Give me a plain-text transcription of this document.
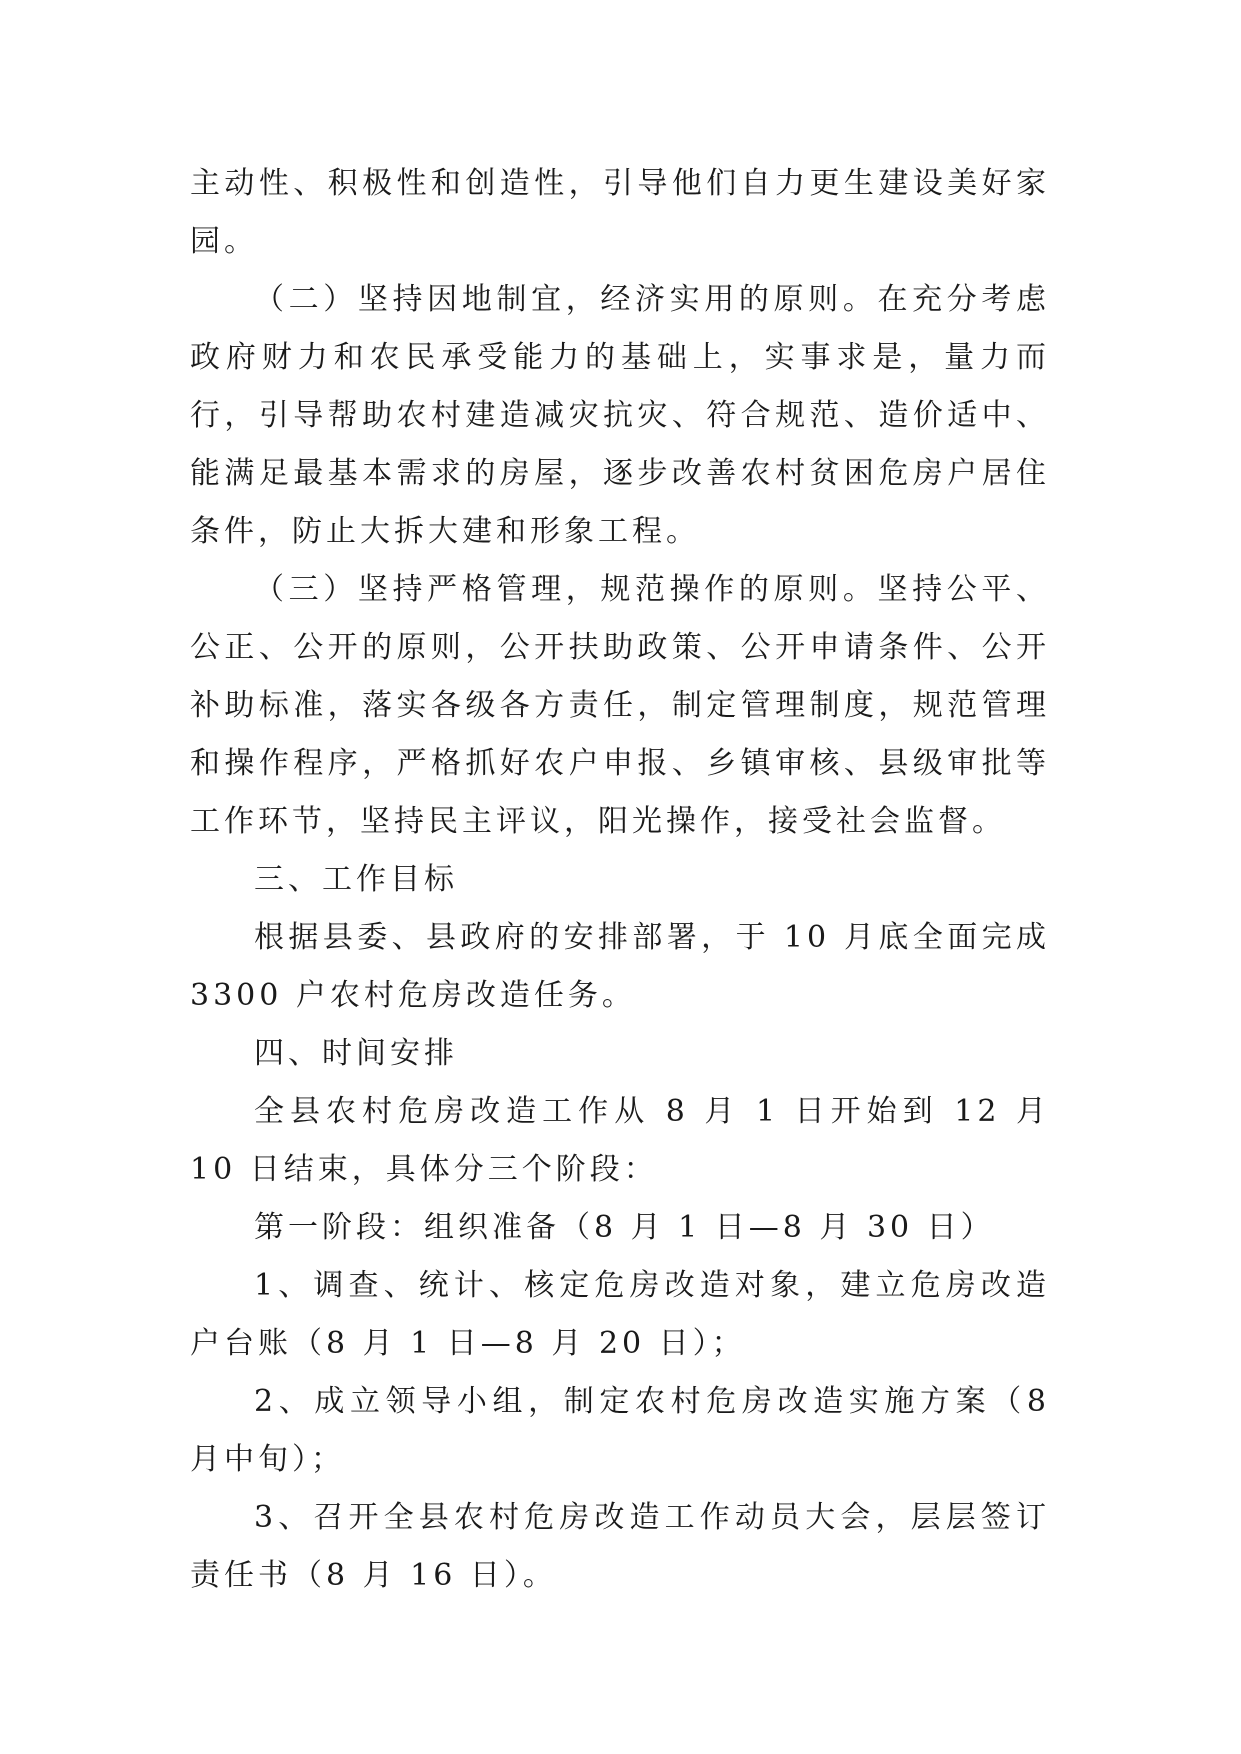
主动性、积极性和创造性，引导他们自力更生建设美好家园。

（二）坚持因地制宜，经济实用的原则。在充分考虑政府财力和农民承受能力的基础上，实事求是，量力而行，引导帮助农村建造减灾抗灾、符合规范、造价适中、能满足最基本需求的房屋，逐步改善农村贫困危房户居住条件，防止大拆大建和形象工程。

（三）坚持严格管理，规范操作的原则。坚持公平、公正、公开的原则，公开扶助政策、公开申请条件、公开补助标准，落实各级各方责任，制定管理制度，规范管理和操作程序，严格抓好农户申报、乡镇审核、县级审批等工作环节，坚持民主评议，阳光操作，接受社会监督。

三、工作目标

根据县委、县政府的安排部署，于 10 月底全面完成 3300 户农村危房改造任务。

四、时间安排

全县农村危房改造工作从 8 月 1 日开始到 12 月 10 日结束，具体分三个阶段：

第一阶段：组织准备（8 月 1 日—8 月 30 日）

1、调查、统计、核定危房改造对象，建立危房改造户台账（8 月 1 日—8 月 20 日）；

2、成立领导小组，制定农村危房改造实施方案（8 月中旬）；

3、召开全县农村危房改造工作动员大会，层层签订责任书（8 月 16 日）。
